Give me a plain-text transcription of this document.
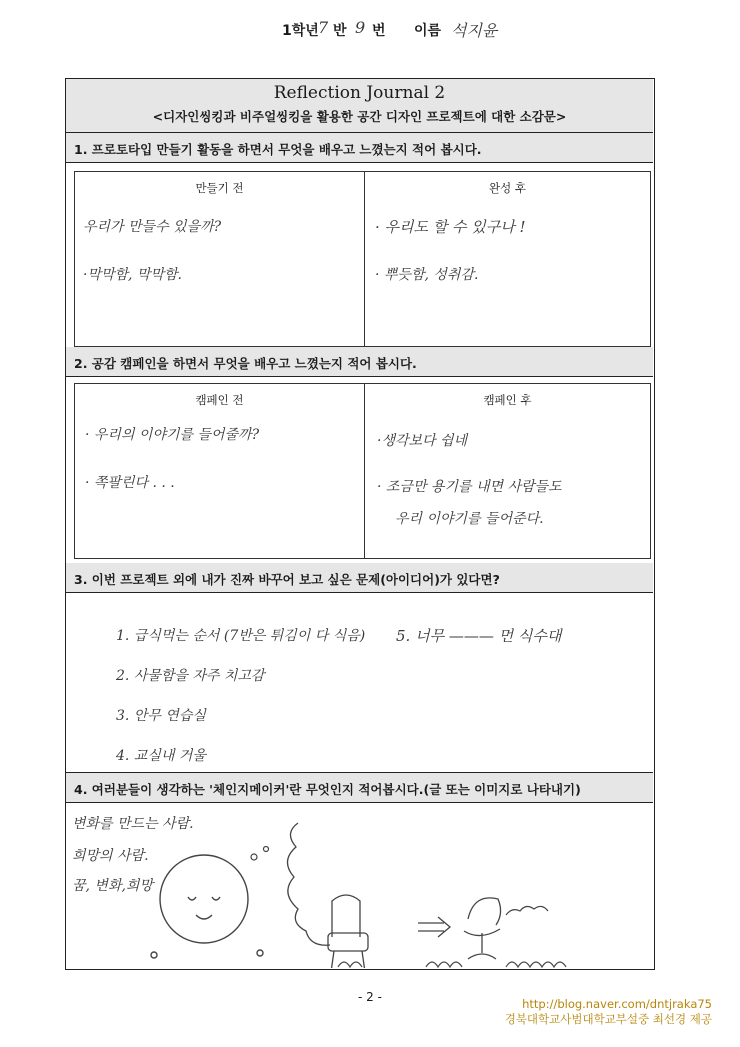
1학년 7 반 9 번 이름 석지윤
Reflection Journal 2
<디자인씽킹과 비주얼씽킹을 활용한 공간 디자인 프로젝트에 대한 소감문>
1. 프로토타입 만들기 활동을 하면서 무엇을 배우고 느꼈는지 적어 봅시다.
만들기 전
우리가 만들수 있을까?
·막막함, 막막함.
완성 후
· 우리도 할 수 있구나 !
· 뿌듯함, 성취감.
2. 공감 캠페인을 하면서 무엇을 배우고 느꼈는지 적어 봅시다.
캠페인 전
· 우리의 이야기를 들어줄까?
· 쪽팔린다 . . .
캠페인 후
·생각보다 쉽네
· 조금만 용기를 내면 사람들도
우리 이야기를 들어준다.
3. 이번 프로젝트 외에 내가 진짜 바꾸어 보고 싶은 문제(아이디어)가 있다면?
1. 급식먹는 순서 (7반은 튀김이 다 식음) 5. 너무 ——— 먼 식수대
2. 사물함을 자주 치고감
3. 안무 연습실
4. 교실내 거울
4. 여러분들이 생각하는 '체인지메이커'란 무엇인지 적어봅시다.(글 또는 이미지로 나타내기)
변화를 만드는 사람.
희망의 사람.
꿈, 변화,희망
- 2 -	http://blog.naver.com/dntjraka75
경북대학교사범대학교부설중 최선경 제공
